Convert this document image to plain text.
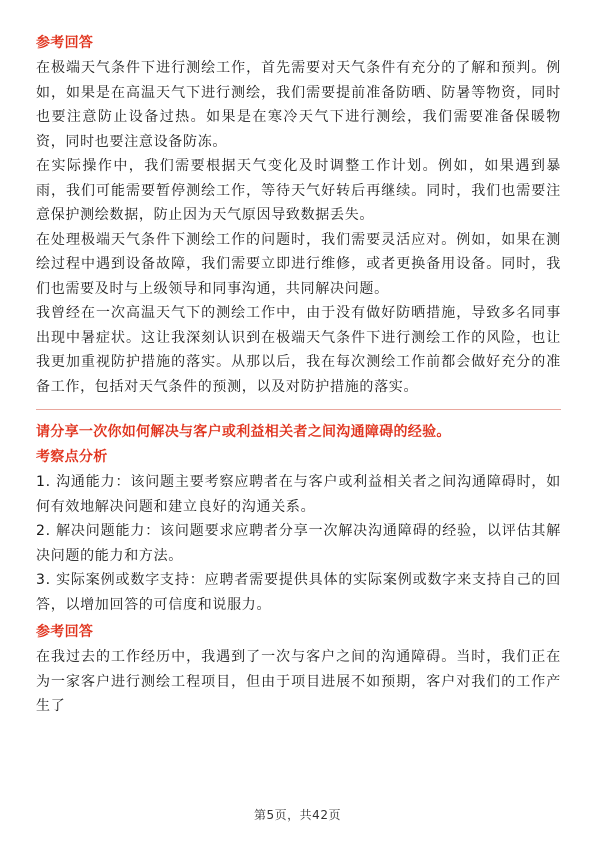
参考回答

在极端天气条件下进行测绘工作，首先需要对天气条件有充分的了解和预判。例如，如果是在高温天气下进行测绘，我们需要提前准备防晒、防暑等物资，同时也要注意防止设备过热。如果是在寒冷天气下进行测绘，我们需要准备保暖物资，同时也要注意设备防冻。

在实际操作中，我们需要根据天气变化及时调整工作计划。例如，如果遇到暴雨，我们可能需要暂停测绘工作，等待天气好转后再继续。同时，我们也需要注意保护测绘数据，防止因为天气原因导致数据丢失。

在处理极端天气条件下测绘工作的问题时，我们需要灵活应对。例如，如果在测绘过程中遇到设备故障，我们需要立即进行维修，或者更换备用设备。同时，我们也需要及时与上级领导和同事沟通，共同解决问题。

我曾经在一次高温天气下的测绘工作中，由于没有做好防晒措施，导致多名同事出现中暑症状。这让我深刻认识到在极端天气条件下进行测绘工作的风险，也让我更加重视防护措施的落实。从那以后，我在每次测绘工作前都会做好充分的准备工作，包括对天气条件的预测，以及对防护措施的落实。

请分享一次你如何解决与客户或利益相关者之间沟通障碍的经验。

考察点分析

1. 沟通能力：该问题主要考察应聘者在与客户或利益相关者之间沟通障碍时，如何有效地解决问题和建立良好的沟通关系。

2. 解决问题能力：该问题要求应聘者分享一次解决沟通障碍的经验，以评估其解决问题的能力和方法。

3. 实际案例或数字支持：应聘者需要提供具体的实际案例或数字来支持自己的回答，以增加回答的可信度和说服力。

参考回答

在我过去的工作经历中，我遇到了一次与客户之间的沟通障碍。当时，我们正在为一家客户进行测绘工程项目，但由于项目进展不如预期，客户对我们的工作产生了

第5页，共42页
